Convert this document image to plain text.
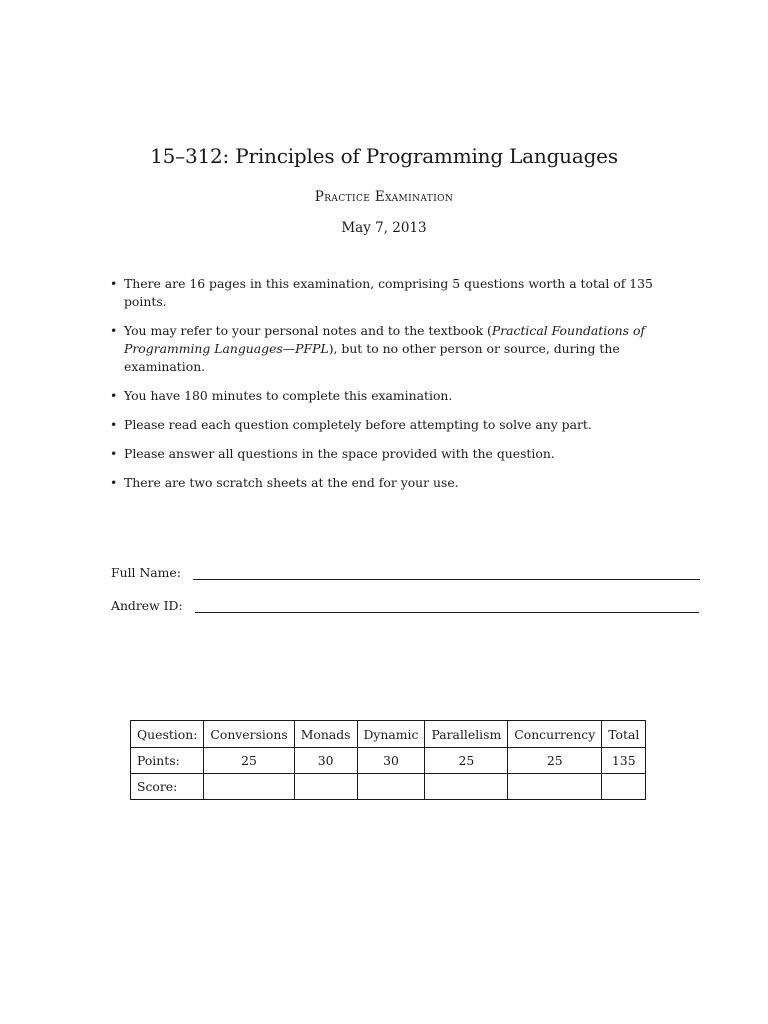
15–312: Principles of Programming Languages
Practice Examination
May 7, 2013
• There are 16 pages in this examination, comprising 5 questions worth a total of 135 points.
• You may refer to your personal notes and to the textbook (Practical Foundations of Programming Languages—PFPL), but to no other person or source, during the examination.
• You have 180 minutes to complete this examination.
• Please read each question completely before attempting to solve any part.
• Please answer all questions in the space provided with the question.
• There are two scratch sheets at the end for your use.
Full Name:
Andrew ID:
Question:	Conversions	Monads	Dynamic	Parallelism	Concurrency	Total
Points:	25	30	30	25	25	135
Score:						
